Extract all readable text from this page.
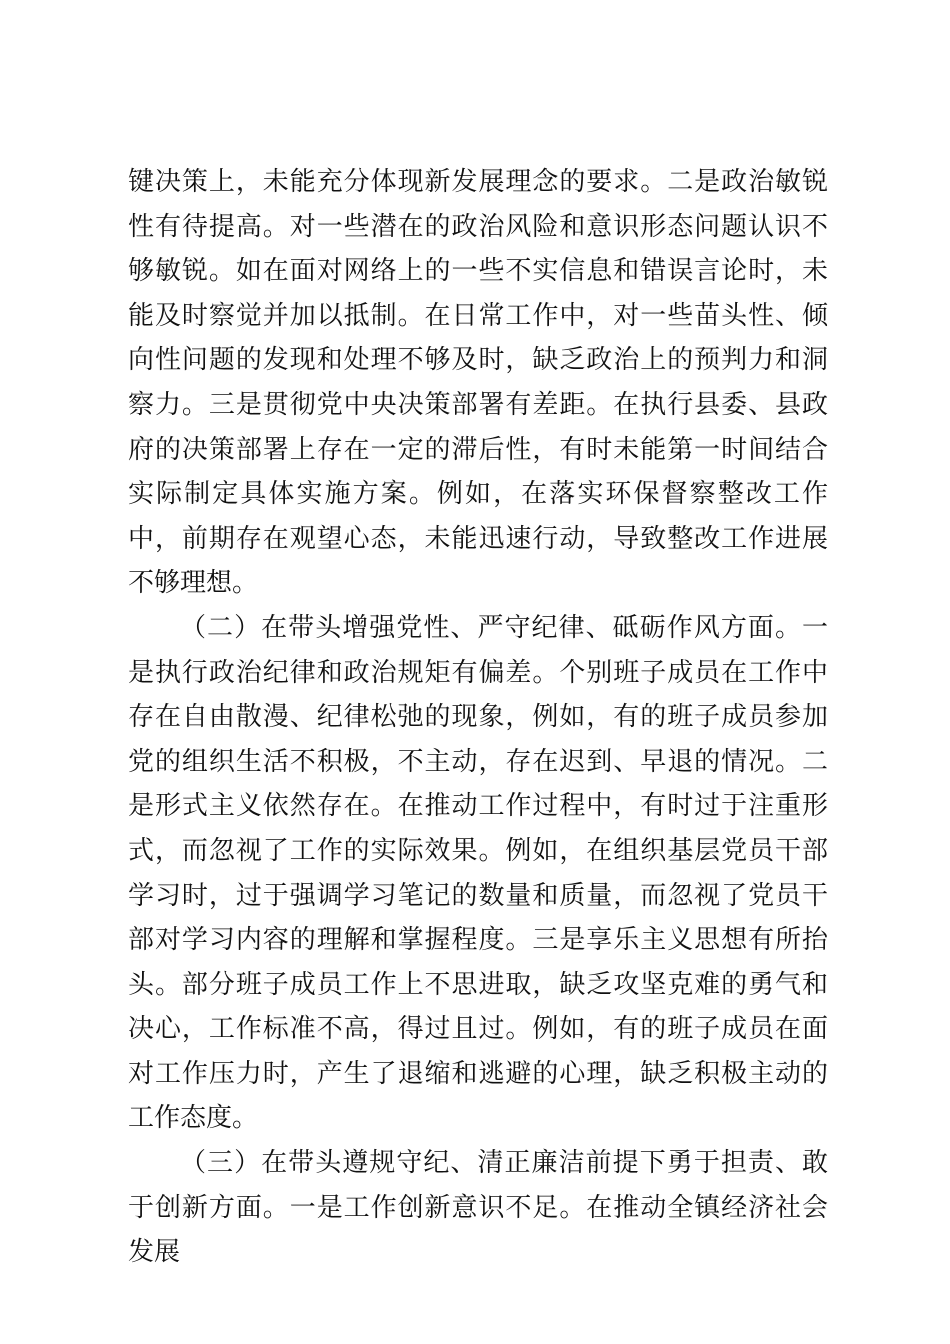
键决策上，未能充分体现新发展理念的要求。二是政治敏锐性有待提高。对一些潜在的政治风险和意识形态问题认识不够敏锐。如在面对网络上的一些不实信息和错误言论时，未能及时察觉并加以抵制。在日常工作中，对一些苗头性、倾向性问题的发现和处理不够及时，缺乏政治上的预判力和洞察力。三是贯彻党中央决策部署有差距。在执行县委、县政府的决策部署上存在一定的滞后性，有时未能第一时间结合实际制定具体实施方案。例如，在落实环保督察整改工作中，前期存在观望心态，未能迅速行动，导致整改工作进展不够理想。

（二）在带头增强党性、严守纪律、砥砺作风方面。一是执行政治纪律和政治规矩有偏差。个别班子成员在工作中存在自由散漫、纪律松弛的现象，例如，有的班子成员参加党的组织生活不积极，不主动，存在迟到、早退的情况。二是形式主义依然存在。在推动工作过程中，有时过于注重形式，而忽视了工作的实际效果。例如，在组织基层党员干部学习时，过于强调学习笔记的数量和质量，而忽视了党员干部对学习内容的理解和掌握程度。三是享乐主义思想有所抬头。部分班子成员工作上不思进取，缺乏攻坚克难的勇气和决心，工作标准不高，得过且过。例如，有的班子成员在面对工作压力时，产生了退缩和逃避的心理，缺乏积极主动的工作态度。

（三）在带头遵规守纪、清正廉洁前提下勇于担责、敢于创新方面。一是工作创新意识不足。在推动全镇经济社会发展
